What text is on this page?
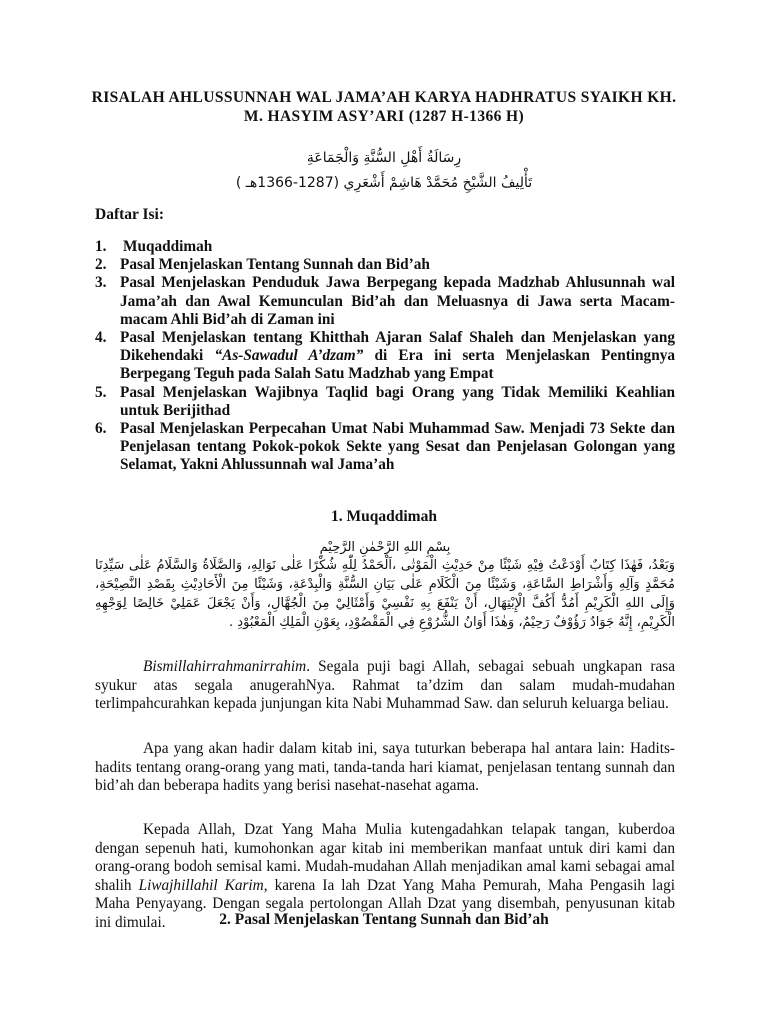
RISALAH AHLUSSUNNAH WAL JAMA’AH KARYA HADHRATUS SYAIKH KH.
M. HASYIM ASY’ARI (1287 H-1366 H)
رِسَالَةُ أَهْلِ السُّنَّةِ وَالْجَمَاعَةِ
تَأْلِيفُ الشَّيْخِ مُحَمَّدْ هَاشِمْ أَشْعَرِي (1287-1366هـ )
Daftar Isi:
1. Muqaddimah
2. Pasal Menjelaskan Tentang Sunnah dan Bid’ah
3. Pasal Menjelaskan Penduduk Jawa Berpegang kepada Madzhab Ahlusunnah wal Jama’ah dan Awal Kemunculan Bid’ah dan Meluasnya di Jawa serta Macam-macam Ahli Bid’ah di Zaman ini
4. Pasal Menjelaskan tentang Khitthah Ajaran Salaf Shaleh dan Menjelaskan yang Dikehendaki “As-Sawadul A’dzam” di Era ini serta Menjelaskan Pentingnya Berpegang Teguh pada Salah Satu Madzhab yang Empat
5. Pasal Menjelaskan Wajibnya Taqlid bagi Orang yang Tidak Memiliki Keahlian untuk Berijithad
6. Pasal Menjelaskan Perpecahan Umat Nabi Muhammad Saw. Menjadi 73 Sekte dan Penjelasan tentang Pokok-pokok Sekte yang Sesat dan Penjelasan Golongan yang Selamat, Yakni Ahlussunnah wal Jama’ah
1. Muqaddimah
بِسْمِ اللهِ الرَّحْمٰنِ الرَّحِيْمِ
وَبَعْدُ، فَهٰذَا كِتَابٌ أَوْدَعْتُ فِيْهِ شَيْئًا مِنْ حَدِيْثِ الْمَوْتٰى ،اَلْحَمْدُ لِلّٰهِ شُكْرًا عَلٰى نَوَالِهِ، وَالصَّلَاةُ وَالسَّلَامُ عَلٰى سَيِّدِنَا مُحَمَّدٍ وَآلِهِ وَأَشْرَاطِ السَّاعَةِ، وَشَيْئًا مِنَ الْكَلَامِ عَلٰى بَيَانِ السُّنَّةِ وَالْبِدْعَةِ، وَشَيْئًا مِنَ الْأَحَادِيْثِ بِقَصْدِ النَّصِيْحَةِ، وَإِلَى اللهِ الْكَرِيْمِ أَمُدُّ أَكُفَّ الْإِبْتِهَالِ، أَنْ يَنْفَعَ بِهِ نَفْسِيْ وَأَمْثَالِيْ مِنَ الْجُهَّالِ، وَأَنْ يَجْعَلَ عَمَلِيْ خَالِصًا لِوَجْهِهِ الْكَرِيْمِ، إِنَّهُ جَوَادٌ رَؤُوْفٌ رَحِيْمٌ، وَهٰذَا أَوَانُ الشُّرُوْعِ فِي الْمَقْصُوْدِ، بِعَوْنِ الْمَلِكِ الْمَعْبُوْدِ .

Bismillahirrahmanirrahim. Segala puji bagi Allah, sebagai sebuah ungkapan rasa syukur atas segala anugerahNya. Rahmat ta’dzim dan salam mudah-mudahan terlimpahcurahkan kepada junjungan kita Nabi Muhammad Saw. dan seluruh keluarga beliau.

Apa yang akan hadir dalam kitab ini, saya tuturkan beberapa hal antara lain: Hadits-hadits tentang orang-orang yang mati, tanda-tanda hari kiamat, penjelasan tentang sunnah dan bid’ah dan beberapa hadits yang berisi nasehat-nasehat agama.

Kepada Allah, Dzat Yang Maha Mulia kutengadahkan telapak tangan, kuberdoa dengan sepenuh hati, kumohonkan agar kitab ini memberikan manfaat untuk diri kami dan orang-orang bodoh semisal kami. Mudah-mudahan Allah menjadikan amal kami sebagai amal shalih Liwajhillahil Karim, karena Ia lah Dzat Yang Maha Pemurah, Maha Pengasih lagi Maha Penyayang. Dengan segala pertolongan Allah Dzat yang disembah, penyusunan kitab ini dimulai.	2. Pasal Menjelaskan Tentang Sunnah dan Bid’ah
